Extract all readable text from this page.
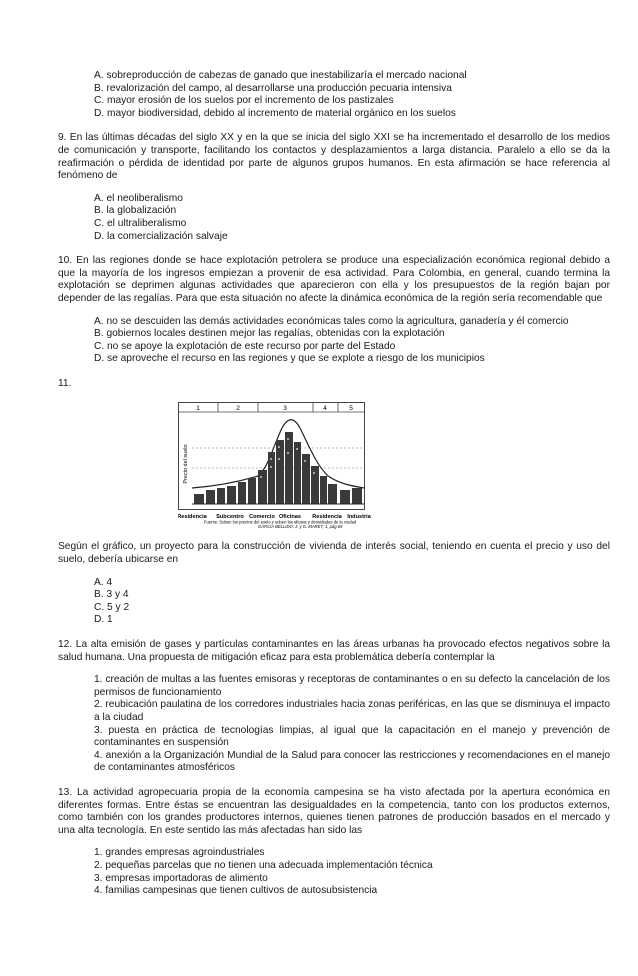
A. sobreproducción de cabezas de ganado que inestabilizaría el mercado nacional
B. revalorización del campo, al desarrollarse una producción pecuaria intensiva
C. mayor erosión de los suelos por el incremento de los pastizales
D. mayor biodiversidad, debido al incremento de material orgánico en los suelos

9. En las últimas décadas del siglo XX y en la que se inicia del siglo XXI se ha incrementado el desarrollo de los medios de comunicación y transporte, facilitando los contactos y desplazamientos a larga distancia. Paralelo a ello se da la reafirmación o pérdida de identidad por parte de algunos grupos humanos. En esta afirmación se hace referencia al fenómeno de

A. el neoliberalismo
B. la globalización
C. el ultraliberalismo
D. la comercialización salvaje

10. En las regiones donde se hace explotación petrolera se produce una especialización económica regional debido a que la mayoría de los ingresos empiezan a provenir de esa actividad. Para Colombia, en general, cuando termina la explotación se deprimen algunas actividades que aparecieron con ella y los presupuestos de la región bajan por depender de las regalías. Para que esta situación no afecte la dinámica económica de la región sería recomendable que

A. no se descuiden las demás actividades económicas tales como la agricultura, ganadería y él comercio
B. gobiernos locales destinen mejor las regalías, obtenidas con la explotación
C. no se apoye la explotación de este recurso por parte del Estado
D. se aproveche el recurso en las regiones y que se explote a riesgo de los municipios

11.

1	2	3	4	5
Precio del suelo
Residencia Subcentro Comercio Oficinas Residencia Industria
Fuente: Suben los precios del suelo y suben las alturas y densidades de la ciudad
GARCÍA BELLIDO, J. y G. MARET, 1, pág.65

Según el gráfico, un proyecto para la construcción de vivienda de interés social, teniendo en cuenta el precio y uso del suelo, debería ubicarse en

A. 4
B. 3 y 4
C. 5 y 2
D. 1

12. La alta emisión de gases y partículas contaminantes en las áreas urbanas ha provocado efectos negativos sobre la salud humana. Una propuesta de mitigación eficaz para esta problemática debería contemplar la

1. creación de multas a las fuentes emisoras y receptoras de contaminantes o en su defecto la cancelación de los permisos de funcionamiento
2. reubicación paulatina de los corredores industriales hacia zonas periféricas, en las que se disminuya el impacto a la ciudad
3. puesta en práctica de tecnologías limpias, al igual que la capacitación en el manejo y prevención de contaminantes en suspensión
4. anexión a la Organización Mundial de la Salud para conocer las restricciones y recomendaciones en el manejo de contaminantes atmosféricos

13. La actividad agropecuaria propia de la economía campesina se ha visto afectada por la apertura económica en diferentes formas. Entre éstas se encuentran las desigualdades en la competencia, tanto con los productos externos, como también con los grandes productores internos, quienes tienen patrones de producción basados en el mercado y una alta tecnología. En este sentido las más afectadas han sido las

1. grandes empresas agroindustriales
2. pequeñas parcelas que no tienen una adecuada implementación técnica
3. empresas importadoras de alimento
4. familias campesinas que tienen cultivos de autosubsistencia
